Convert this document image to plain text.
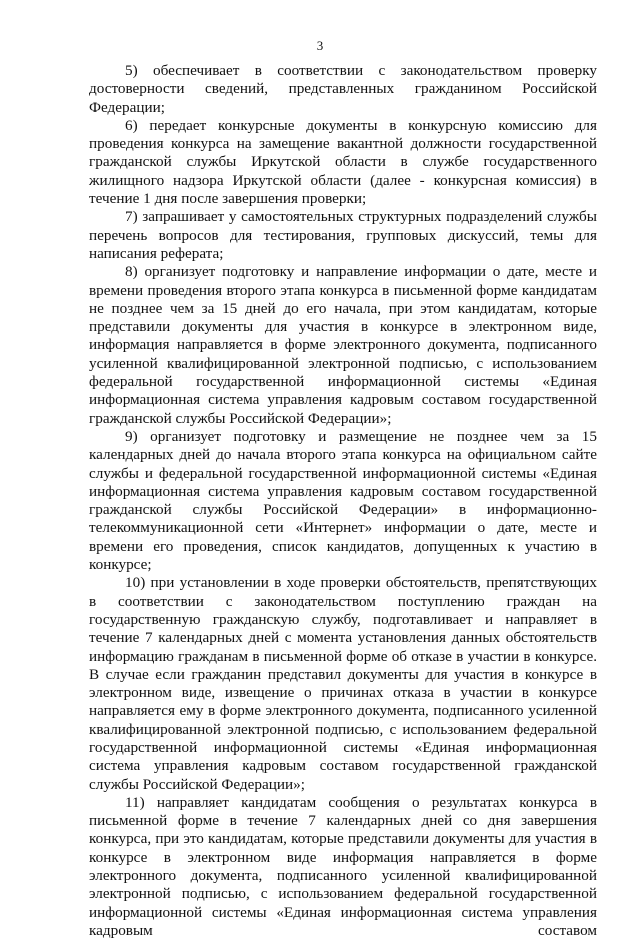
3

5) обеспечивает в соответствии с законодательством проверку достоверности сведений, представленных гражданином Российской Федерации;

6) передает конкурсные документы в конкурсную комиссию для проведения конкурса на замещение вакантной должности государственной гражданской службы Иркутской области в службе государственного жилищного надзора Иркутской области (далее - конкурсная комиссия) в течение 1 дня после завершения проверки;

7) запрашивает у самостоятельных структурных подразделений службы перечень вопросов для тестирования, групповых дискуссий, темы для написания реферата;

8) организует подготовку и направление информации о дате, месте и времени проведения второго этапа конкурса в письменной форме кандидатам не позднее чем за 15 дней до его начала, при этом кандидатам, которые представили документы для участия в конкурсе в электронном виде, информация направляется в форме электронного документа, подписанного усиленной квалифицированной электронной подписью, с использованием федеральной государственной информационной системы «Единая информационная система управления кадровым составом государственной гражданской службы Российской Федерации»;

9) организует подготовку и размещение не позднее чем за 15 календарных дней до начала второго этапа конкурса на официальном сайте службы и федеральной государственной информационной системы «Единая информационная система управления кадровым составом государственной гражданской службы Российской Федерации» в информационно-телекоммуникационной сети «Интернет» информации о дате, месте и времени его проведения, список кандидатов, допущенных к участию в конкурсе;

10) при установлении в ходе проверки обстоятельств, препятствующих в соответствии с законодательством поступлению граждан на государственную гражданскую службу, подготавливает и направляет в течение 7 календарных дней с момента установления данных обстоятельств информацию гражданам в письменной форме об отказе в участии в конкурсе. В случае если гражданин представил документы для участия в конкурсе в электронном виде, извещение о причинах отказа в участии в конкурсе направляется ему в форме электронного документа, подписанного усиленной квалифицированной электронной подписью, с использованием федеральной государственной информационной системы «Единая информационная система управления кадровым составом государственной гражданской службы Российской Федерации»;

11) направляет кандидатам сообщения о результатах конкурса в письменной форме в течение 7 календарных дней со дня завершения конкурса, при это кандидатам, которые представили документы для участия в конкурсе в электронном виде информация направляется в форме электронного документа, подписанного усиленной квалифицированной электронной подписью, с использованием федеральной государственной информационной системы «Единая информационная система управления кадровым составом
